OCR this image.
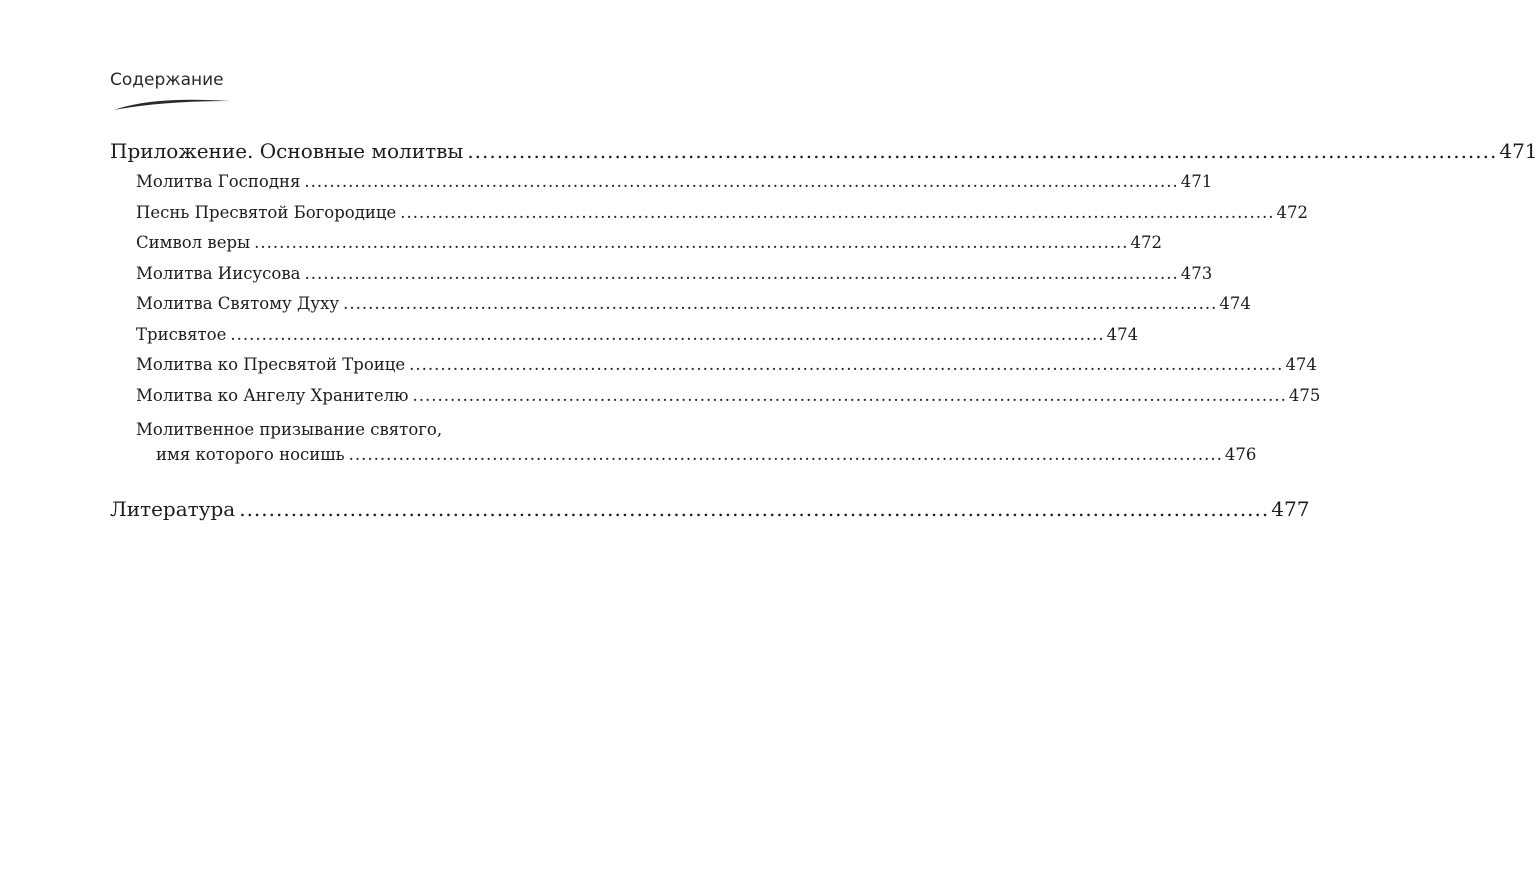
Содержание
Приложение. Основные молитвы ............................................................................................................................................ 471
Молитва Господня ............................................................................................................................................ 471
Песнь Пресвятой Богородице ............................................................................................................................................ 472
Символ веры ............................................................................................................................................ 472
Молитва Иисусова ............................................................................................................................................ 473
Молитва Святому Духу ............................................................................................................................................ 474
Трисвятое ............................................................................................................................................ 474
Молитва ко Пресвятой Троице ............................................................................................................................................ 474
Молитва ко Ангелу Хранителю ............................................................................................................................................ 475
Молитвенное призывание святого,
имя которого носишь ............................................................................................................................................ 476
Литература ............................................................................................................................................ 477
